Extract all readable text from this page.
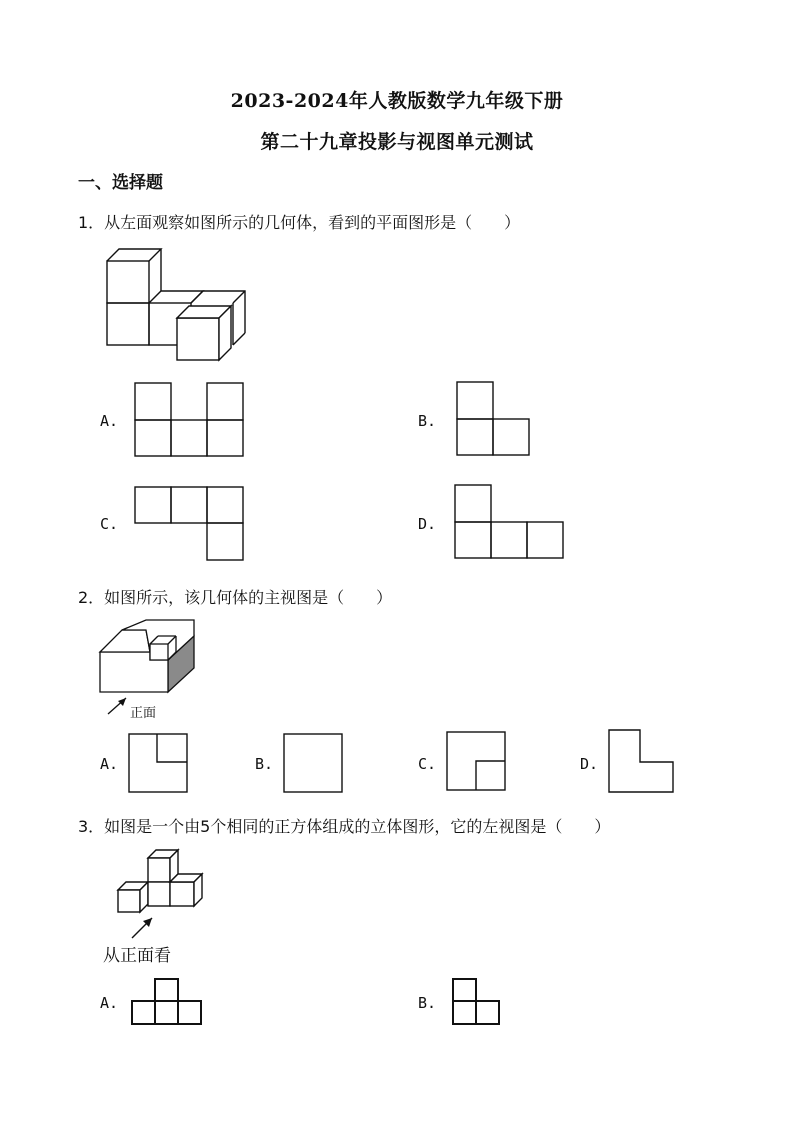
2023-2024年人教版数学九年级下册
第二十九章投影与视图单元测试
一、选择题
1．从左面观察如图所示的几何体，看到的平面图形是（　　）
A.	B.
C.	D.
2．如图所示，该几何体的主视图是（　　）
正面
A.	B.	C.	D.
3．如图是一个由5个相同的正方体组成的立体图形，它的左视图是（　　）
从正面看
A.	B.
